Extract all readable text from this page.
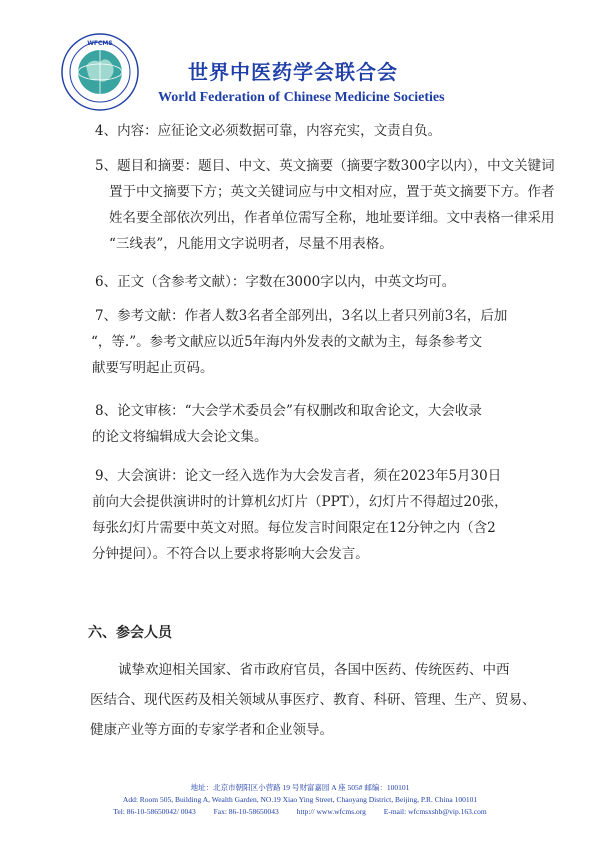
WFCMS
世界中医药学会联合会
World Federation of Chinese Medicine Societies

4、内容：应征论文必须数据可靠，内容充实，文责自负。

5、题目和摘要：题目、中文、英文摘要（摘要字数300字以内），中文关键词
置于中文摘要下方；英文关键词应与中文相对应，置于英文摘要下方。作者
姓名要全部依次列出，作者单位需写全称，地址要详细。文中表格一律采用
“三线表”，凡能用文字说明者，尽量不用表格。

6、正文（含参考文献）：字数在3000字以内，中英文均可。

7、参考文献：作者人数3名者全部列出，3名以上者只列前3名，后加
“，等.”。参考文献应以近5年海内外发表的文献为主，每条参考文
献要写明起止页码。
8、论文审核：“大会学术委员会”有权删改和取舍论文，大会收录
的论文将编辑成大会论文集。
9、大会演讲：论文一经入选作为大会发言者，须在2023年5月30日
前向大会提供演讲时的计算机幻灯片（PPT），幻灯片不得超过20张，
每张幻灯片需要中英文对照。每位发言时间限定在12分钟之内（含2
分钟提问）。不符合以上要求将影响大会发言。
六、参会人员
诚挚欢迎相关国家、省市政府官员，各国中医药、传统医药、中西
医结合、现代医药及相关领域从事医疗、教育、科研、管理、生产、贸易、
健康产业等方面的专家学者和企业领导。
地址：北京市朝阳区小营路 19 号财富嘉园 A 座 505# 邮编：100101
Add: Room 505, Building A, Wealth Garden, NO.19 Xiao Ying Street, Chaoyang District, Beijing, P.R. China 100101
Tel: 86-10-58650042/ 0043 Fax: 86-10-58650043 http:// www.wfcms.org E-mail: wfcmsxshb@vip.163.com
